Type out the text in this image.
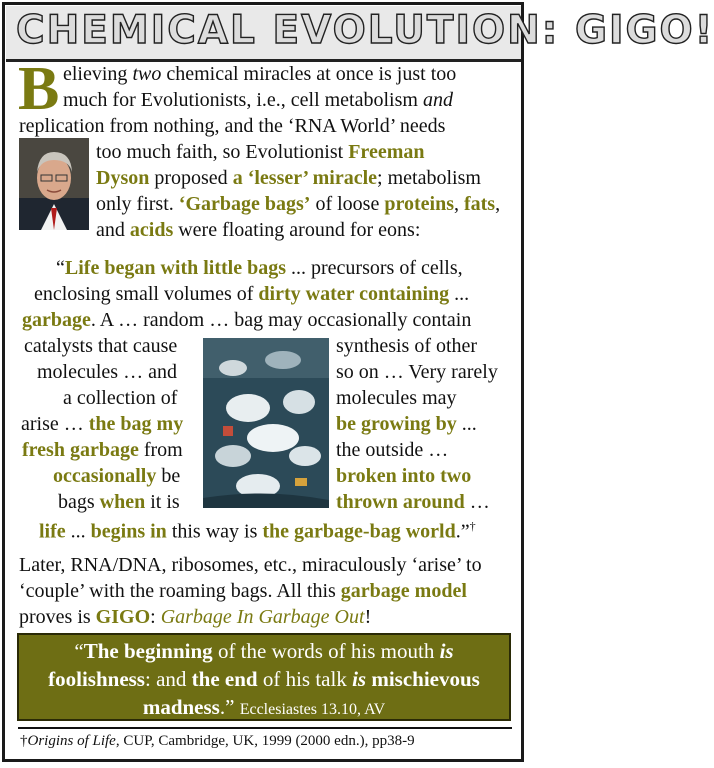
CHEMICAL EVOLUTION: GIGO!
B elieving two chemical miracles at once is just too
much for Evolutionists, i.e., cell metabolism and
replication from nothing, and the ‘RNA World’ needs
too much faith, so Evolutionist Freeman
Dyson proposed a ‘lesser’ miracle; metabolism
only first. ‘Garbage bags’ of loose proteins, fats,
and acids were floating around for eons:
“Life began with little bags ... precursors of cells,
enclosing small volumes of dirty water containing ...
garbage. A … random … bag may occasionally contain
catalysts that cause
molecules … and
a collection of
arise … the bag my
fresh garbage from
occasionally be
bags when it is
synthesis of other
so on … Very rarely
molecules may
be growing by ...
the outside …
broken into two
thrown around …
life ... begins in this way is the garbage-bag world.”†
Later, RNA/DNA, ribosomes, etc., miraculously ‘arise’ to
‘couple’ with the roaming bags. All this garbage model
proves is GIGO: Garbage In Garbage Out!
“The beginning of the words of his mouth is
foolishness: and the end of his talk is mischievous
madness.” Ecclesiastes 13.10, AV
†Origins of Life, CUP, Cambridge, UK, 1999 (2000 edn.), pp38-9
